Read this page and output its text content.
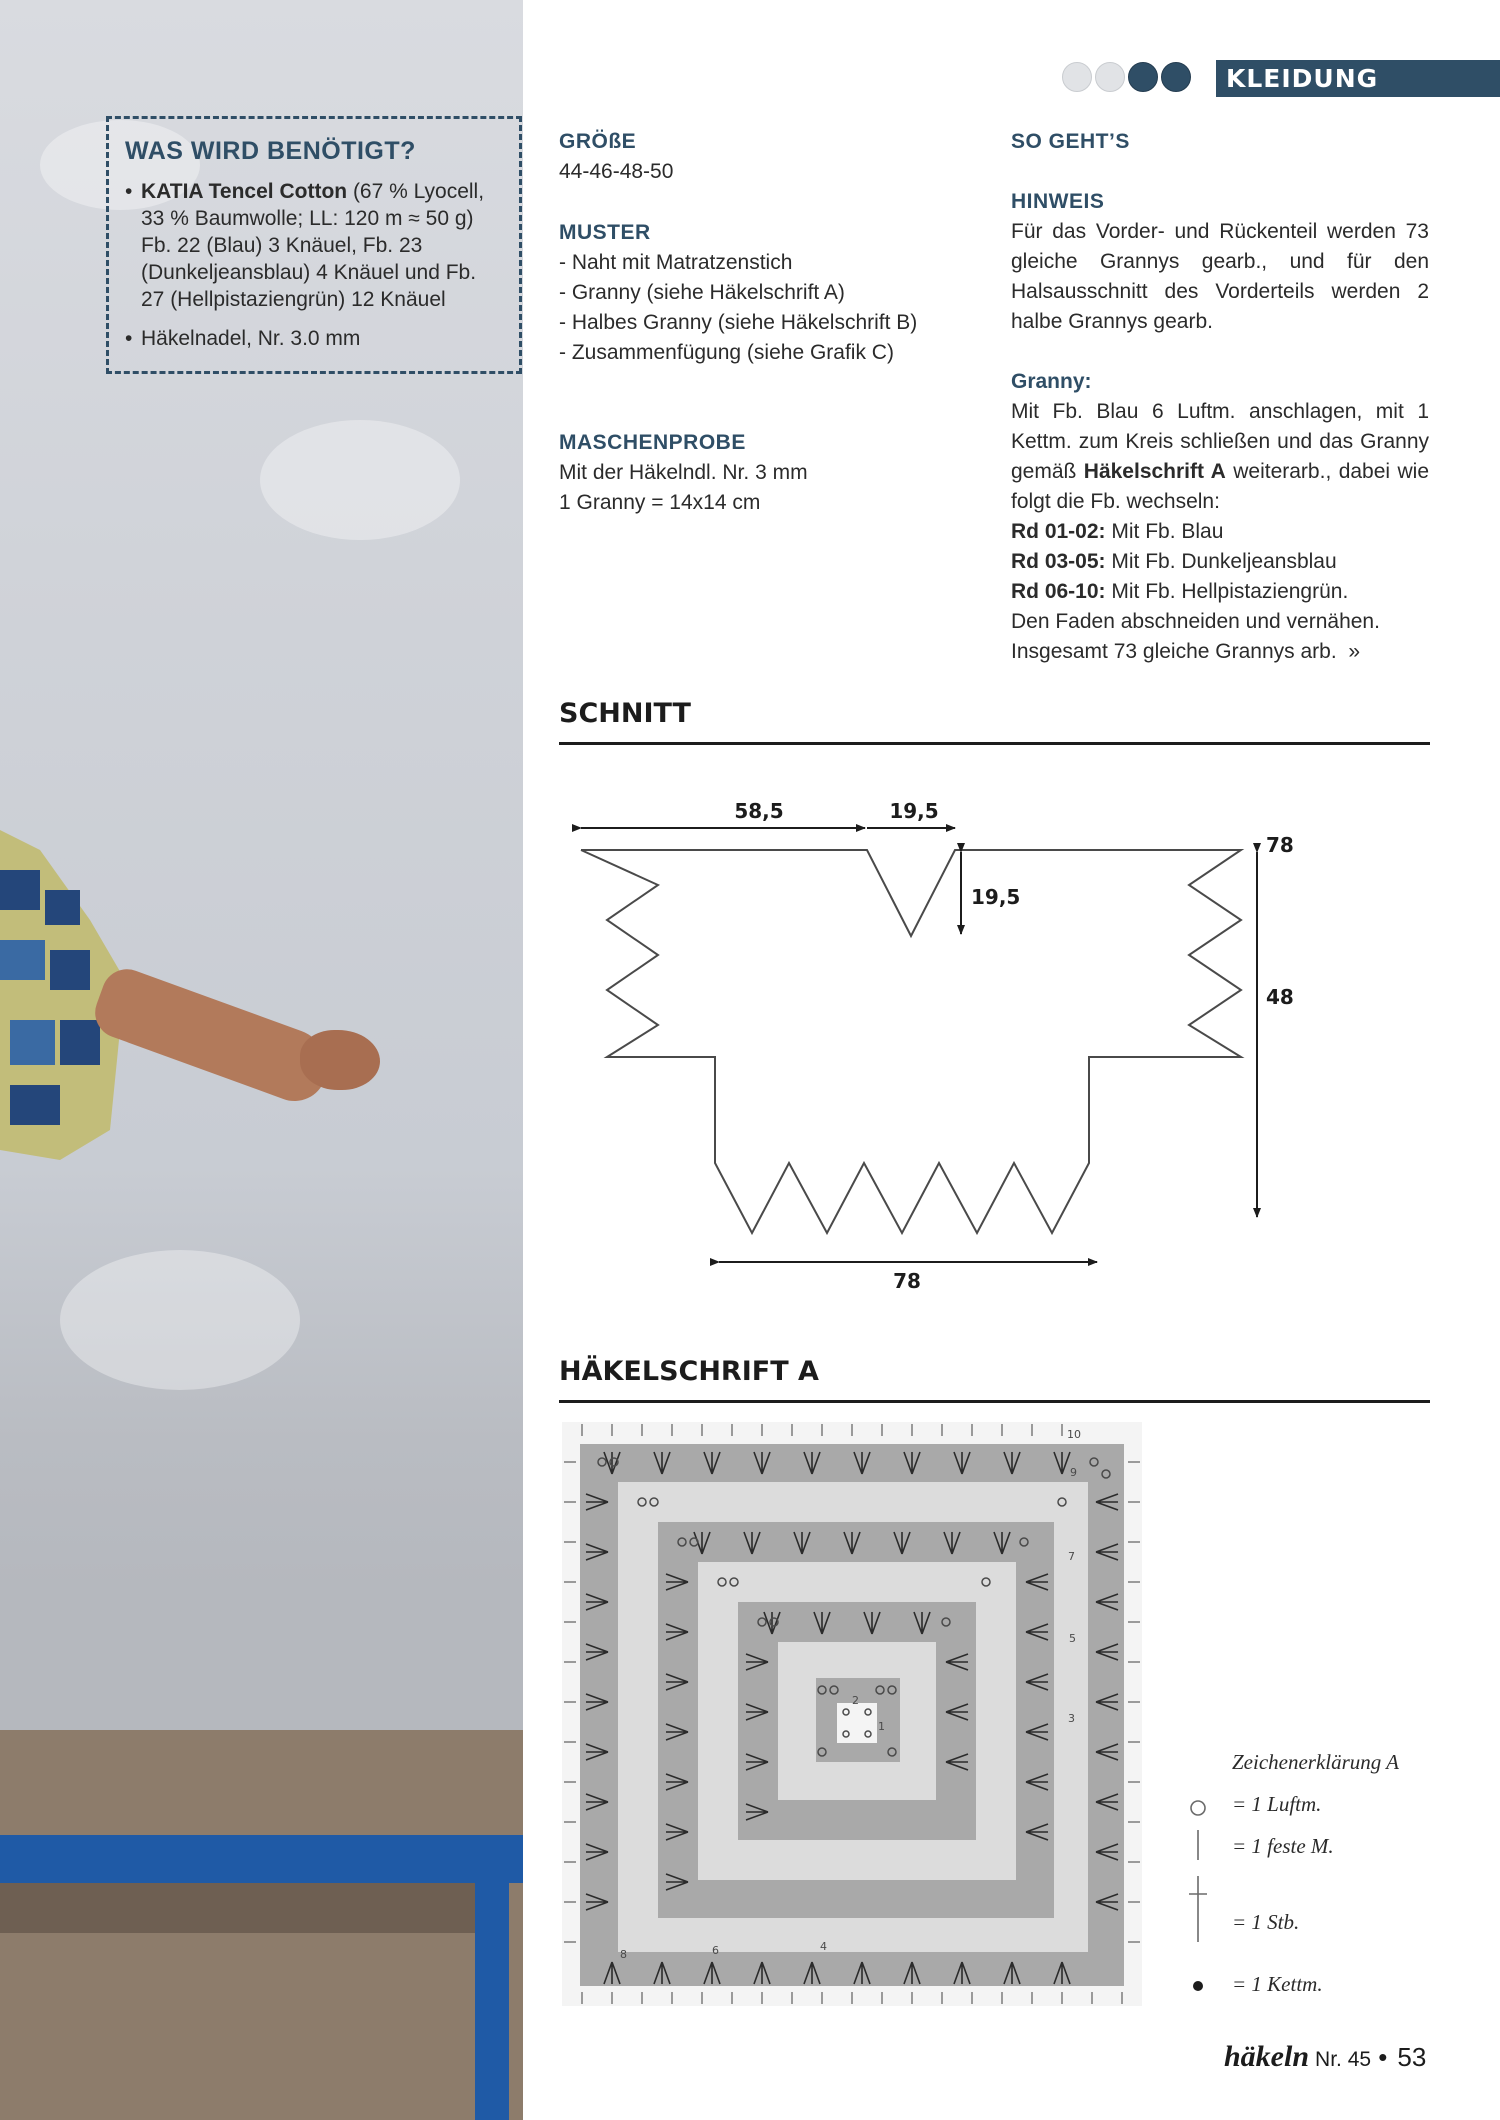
KLEIDUNG
WAS WIRD BENÖTIGT?
• KATIA Tencel Cotton (67 % Lyocell, 33 % Baumwolle; LL: 120 m ≈ 50 g) Fb. 22 (Blau) 3 Knäuel, Fb. 23 (Dunkeljeansblau) 4 Knäuel und Fb. 27 (Hellpistaziengrün) 12 Knäuel
• Häkelnadel, Nr. 3.0 mm
GRÖßE

44-46-48-50

MUSTER

- Naht mit Matratzenstich

- Granny (siehe Häkelschrift A)

- Halbes Granny (siehe Häkelschrift B)

- Zusammenfügung (siehe Grafik C)

MASCHENPROBE

Mit der Häkelndl. Nr. 3 mm

1 Granny = 14x14 cm

SO GEHT’S
HINWEIS

Für das Vorder- und Rückenteil werden 73 gleiche Grannys gearb., und für den Halsausschnitt des Vorderteils werden 2 halbe Grannys gearb.

Granny:

Mit Fb. Blau 6 Luftm. anschlagen, mit 1 Kettm. zum Kreis schließen und das Granny gemäß Häkelschrift A weiterarb., dabei wie folgt die Fb. wechseln:

Rd 01-02: Mit Fb. Blau

Rd 03-05: Mit Fb. Dunkeljeansblau

Rd 06-10: Mit Fb. Hellpistaziengrün.

Den Faden abschneiden und vernähen.

Insgesamt 73 gleiche Grannys arb. »

SCHNITT
58,5	19,5
19,5
78
48
78
HÄKELSCHRIFT A
10
9
7
5
3
2
1
4
6
8
Zeichenerklärung A
= 1 Luftm.
= 1 feste M.
= 1 Stb.
= 1 Kettm.
häkeln Nr. 45 • 53
